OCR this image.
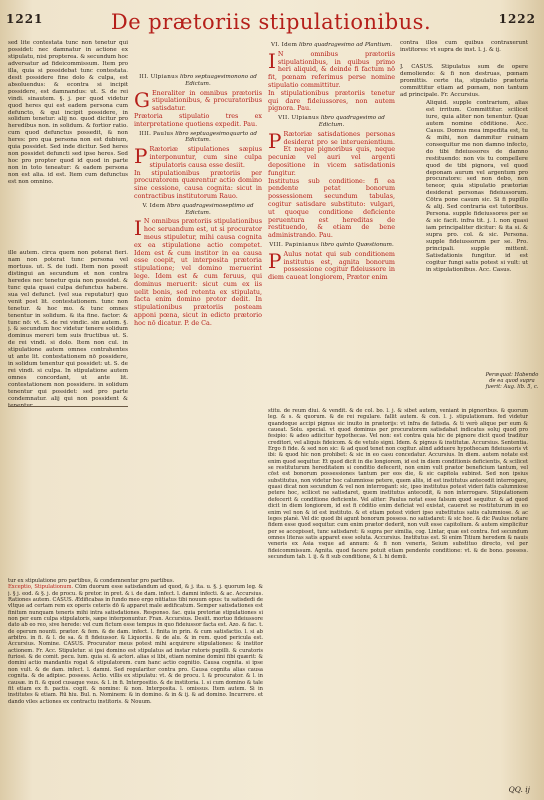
1221	De prætoriis stipulationibus.	1222

sed lite contestata tunc non tenetur qui possidet: nec damnatur in actione ex stipulatu, nisi propterea. & secundum hoc adversatur ad fideicommissum. Item pro illa, quia si possidebat tunc contestata. desit possidere fine dolo & culpa, est absoluendus: & econtra si incipit possidere, est damnandus: ut. S. de rei vindi. sinautem. §. j. per quod videtur quod heres qui est eadem persona cum defuncto, & qui incipit possidere, in solidum tenetur: alij no. quod dicitur pro heredibus non. in solidum. & fortior ratio. cum quod defunctus possedit, & non heres: pro qua persona non est dubium, quia possidet. Sed inde dicitur. Sed heres non possidet defuncti sed ipse heres. Sed hoc pro propter quod id quod in parte non in toto teneatur: & eadem persona non est alia. id est. Item cum defunctus est non omnino.

ille autem. circa quem non poterat fieri. nam non poterat tunc persona vel mortuus. ut. S. de iudi. Item non possit distingui an secundum et non contra heredes nec tenetur quia non possidet. & tunc quia quasi culpa defunctus habere. sua vel defunct. (vel sua reputatur) quo venit post lit. contestationem. tunc non tenetur. & hoc mo. & tunc omnes tenentur in solidum. & ita fine. factor: & tunc nō: vt. S. de rei vindic. sin autem. §. j. & secundum hoc videtur tenere solidum dominus mereri tem suis fructibus ut. S. de rei vindi. si dolo. Item non cul. in stipulatione autem omnes contrahentes ut ante lit. contestationem nō possidere, in solidum tenentur qui possidet: ut. S. de rei vindi. si culpa. In stipulatione autem omnes concordant, ut ante lit. contestationem non possidere. in solidum tenentur qui possidet: sed pro parte condemnatur. alij qui non possident & tenentur.

III. Ulpianus libro septuagesimonono ad Edictum.

G Eneraliter in omnibus prætoriis stipulationibus, & procuratoribus satisdatur.

Prætoria stipulatio tres ex interpretatione quotiens expedit. Pau.

IIII. Paulus libro septuagesimoquarto ad Edictum.

P Rætoriæ stipulationes sæpius interponuntur, cum sine culpa stipulatoris causa esse desiit.

In stipulationibus prætoriis per procuratorem quærentur actio domino sine cessione, causa cognita: sicut in contractibus institutorum Rauo.

V. Idem libro quadragesimoseptimo ad Edictum.

I N omnibus prætoriis stipulationibus hoc seruandum est, ut si procurator meus stipuletur, mihi causa cognita ex ea stipulatione actio competet. Idem est & cum institor in ea causa esse coepit, ut interposita prætoria stipulatione; vel domino meruerint lege. Idem est & cum feruus, qui dominus meruerit: sicut cum ex iis uelit bonis, sed retenta ex stipulatu, facta enim domino protor dedit. In stipulationibus prætoriis posteam apponi pœna, sicut in edicto prætorio hoc nō dicatur. P. de Ca.

VI. Idem libro quadragesimo ad Plantium.

I N omnibus prætoriis stipulationibus, in quibus primo heri aliquid, & deinde fi factum nō fit, pœnam referimus perse nomine stipulatio committitur.

In stipulationibus prætoriis tenetur qui dare fideiussores, non autem pignora. Pau.

VII. Ulpianus libro quadragesimo ad Edictum.

P Rætoriæ satisdationes personas desiderat pro se interuenientium. Et neque pignoribus quis, neque pecuniæ vel auri vel argenti depositione in vicem satisdationis fungitur.

Institutus sub conditione: fi ea pendente petat bonorum possessionem secundum tabulas, cogitur satisdare substituto: vulgari, ut quoque conditione deficiente peruentura est hereditas de restituendo, & etiam de bene administrando. Pau.

VIII. Papinianus libro quinto Quæstionum.

P Aulus notat qui sub conditionem institutus est, agnita bonorum possessione cogitur fideiussore in diem caueat longiorem, Prætor enim

contra illos cum quibus contraxerunt institores: vt supra de inst. l. j. & ij.

J. CASUS. Stipulatus sum de opere demoliendo: & fi non destruas, pœnam promittis. certe ita, stipulatio prætoria committitur etiam ad pœnam, non tantum ad principale. Fr. Accursius.

Aliquid. supple contrarium, alias est irritum. Committitur. scilicet iure, quia aliter non tenentur. Quæ autem nomine cōditione. Acc. Casus. Domus mea impedita est, tu & mihi, non dammitur ruinam consequitur me non damno infecto, do tibi fideiussores de damno restituendo: non vis tu compellere quod de tibi pignora, vel quod deponam aurum vel argentum pro procuratore: sed non debo, non teneor, quia stipulatio prætoriæ desiderat personas fideiussorum. Cōtra pone casum sic. Si fi pupillo & alij. Sed contraria est tutoribus. Persona. supple fideiussores per se & sic facit. infra tit. j. l. non quasi iam principaliter dicitur: & ita si. & supra pro. col. & sic. Persona. supple fideiussorum per se. Pro. principali. supple mittent. Satisdationis fungitur. id est cogitur fungi satis potest si vult: ut in stipulationibus. Acc. Casus.

Peræquat: Habendo de ea quod supra fuerit: Aug. lib. 5, c.

tur ex stipulatione pro partibus, & condemnentur pro partibus.

Exceptio, Stipulationum. Cūm duorum esse satisdandum ad quod, & j. ita. u. §. j. quorum leg. & j. § j. eod. & §. j. de procu. & pretor. in pret. & i. de dam. infect. l. damni infecti. & ac. Accursius. Rationes autem. CASUS. Ædificabas in fundo meo ergo nūtiatus tibi nouum opus: tu satisdedi de vltque ad certam rem ex operis ceteris dō & apparet male ædificatum. Semper satisdationes est finitum nunquam teneris mihi intra satisdationes. Responso. fac. quia pretoriæ stipulationes si non per eum culpa stipulatoris, sæpe interponuntur. Fran. Accursius. Desiit. mortuo fideiussore dato ab eo reo, sive herede: vel cum fictum esse tempus in quo fideiussor facta est. Azo. & fac. t. de operum nounti. prætor. & fem. & de dam. infect. l. finita in prin. & cum satisfactio. l. si ab arbitro. in fi. & l. de sa. & fi fideiussor. & Liquoriis. & de alu. & in rem. quod pericula est. Accursius. Nomine. CASUS. Procurator meus potest mihi acquirere stipulationes: & institor actionem. Fr. Acc. Stipuletur. si ipsi domino est stipulatus ad instar rutoris pupilli. & curatoris furiosi. & de comit. pecu. lum. quia si. & actori. alias si libi, etiam nomine domini fibi quærit: & domini actio mandantis rogat & stipulatorem. cum hanc actio cognitio. Causa cognita. si ipse non vult. & de dam. infect. l. damni. Sed regulariter contra pro. Causa cognita alias causa cognita. & de adipisc. possess. Actio. villis ex stipulatu: vt. & de procu. l. & procurator. & l. in causæ. in fi. & quod cusaque vsus. & l. in fi. Interpositio. & de institoria. l. si cum domino & tale fit etiam ex fi. pactis. cogit. & nomine: & non. Interposita. l. omissus. Item autem. Si in institutes & etiam. Rū hiu. Bul. n. Nominem: & in domino. & in & ij. & ad domino. Incurrere. et dando viles actiones ex contractu institoris. & Nouum.

stitu. de reum diui. & vendit. & de col. bo. l. j. & sibet autem, veniant in pignoribus. & quorum leg. & s. & quorum. & de rei regulare. fallit autem. & con. l. j. stipulationum. fed videtur quandoque accipi pignus sic inuito in prætorijs: vt infra de fatisda. & ti verò alique per eum & caueat. Solu. special. vt quod dominus per procuratorem satisdabat indicatus soluj quod pro fesipio: & adeo adiicitur hypothecas. Vel non: est contra quia hic de pignore dicit quod traditur creditori, vel aliquis fideicom. & de vetulo signi. Idem. & pignus & institutæ. Accursius. Sententia. Ergo fi fide. & sed non sic: & ad quod tenet non cogitur. alind adduere hypothecam fideiussoris vt ibi: & quod hic non prohibet: & sic in eo casu concedatur. Accursius. In diem. autem notate est enim quod sequitur. Et quod dicit in die longiorem, id est in diem conditionis deficientis, & scilicet se restituturum hereditatem si conditio defecerit, non enim vult prætor beneficium tantum, vel cōst est bonorum possessiones tantum per eos die, & sic capitola subinst. Sed non ipsius substitutus, non videtur hoc calumniose petere, quem aliis, id est institutus antecedit interrogare, quasi dicat non secundum & vel non interrogant: sic, ipso institutus potest videri fatis calumniose petere hoc, scilicet ne satisdaret, quem institutus antecedit, & non interrogare. Stipulationem defecerit & conditione deficiente. Vel aliter: Paulus notat esse falsum quod sequitur. & ad quod dicit in diem longiorem, id est fi cōditio enim deficiat vel existat, caueret se restituturum in eo enim vel non & id est instituto. & et etiam potest videri ipso substitutus satis calumniose. & ac leges planè. Vel dic quod ibi agunt bonorum possess. no satisdaret: & sic hoc. & dic Paulus notare fidem esse quod sequitur. cum enim prætor dederit, non vult esse capitolium. & autem simplicitur per se accepisset, tunc satisdaret: & supra per similia, cog. Lintar, quæ est contra. fed secundum omnes literas satis apparet esse soluta. Accursius. Institutus est. Si enim Titium heredem & nauis veneris ex Asia vsque ad annum: & fi non veneris, Seium substituo directo, vel per fideicommissum. Agnita. quod facere potuit etiam pendente conditione: vt. & de bono. possess. secundum tab. l. ij. & fi sub conditione, & l. hi demū.

QQ. ij
